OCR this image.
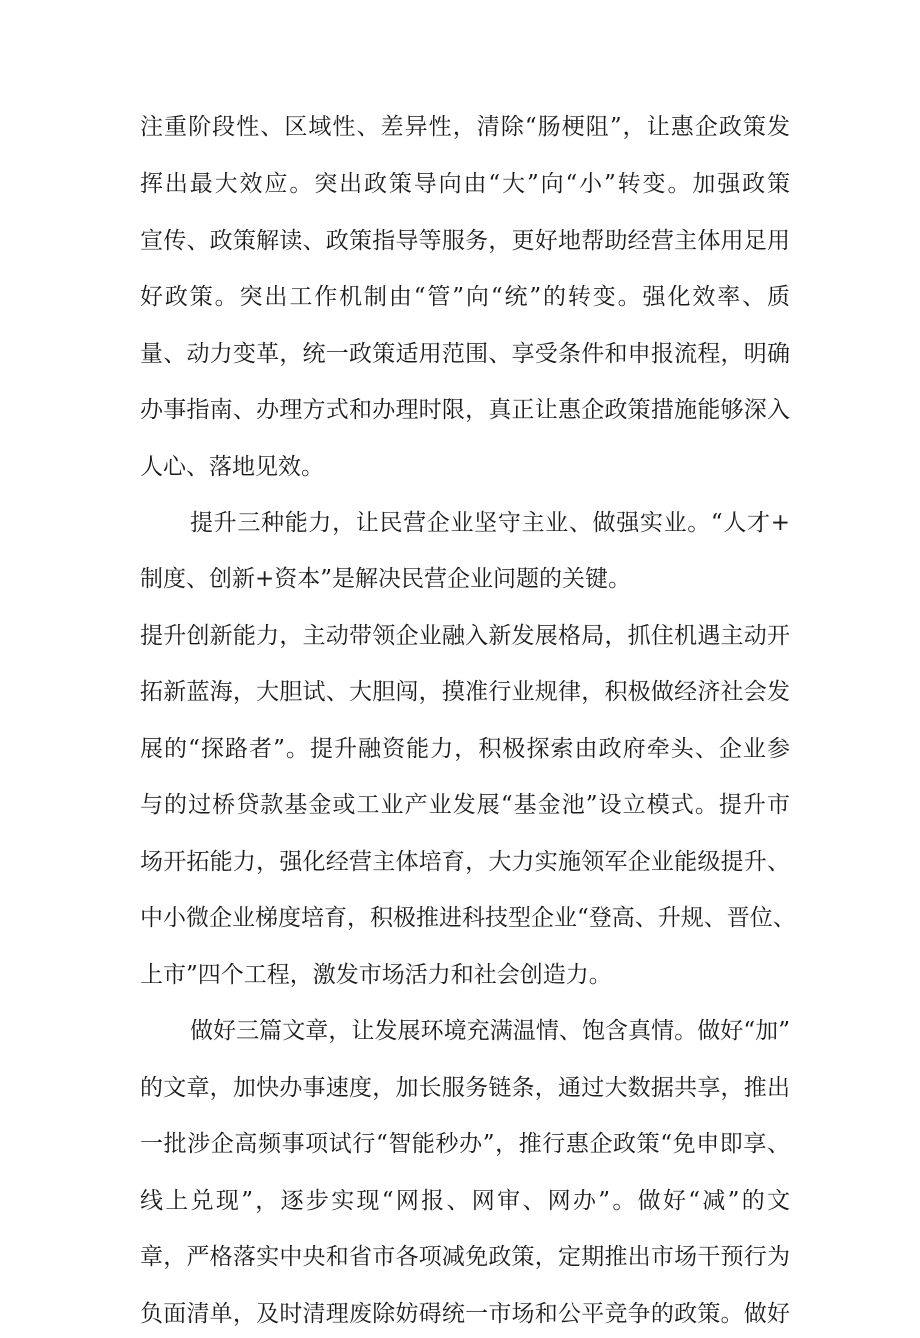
注重阶段性、区域性、差异性，清除“肠梗阻”，让惠企政策发
挥出最大效应。突出政策导向由“大”向“小”转变。加强政策
宣传、政策解读、政策指导等服务，更好地帮助经营主体用足用
好政策。突出工作机制由“管”向“统”的转变。强化效率、质
量、动力变革，统一政策适用范围、享受条件和申报流程，明确
办事指南、办理方式和办理时限，真正让惠企政策措施能够深入
人心、落地见效。
提升三种能力，让民营企业坚守主业、做强实业。“人才+
制度、创新+资本”是解决民营企业问题的关键。
提升创新能力，主动带领企业融入新发展格局，抓住机遇主动开
拓新蓝海，大胆试、大胆闯，摸准行业规律，积极做经济社会发
展的“探路者”。提升融资能力，积极探索由政府牵头、企业参
与的过桥贷款基金或工业产业发展“基金池”设立模式。提升市
场开拓能力，强化经营主体培育，大力实施领军企业能级提升、
中小微企业梯度培育，积极推进科技型企业“登高、升规、晋位、
上市”四个工程，激发市场活力和社会创造力。
做好三篇文章，让发展环境充满温情、饱含真情。做好“加”
的文章，加快办事速度，加长服务链条，通过大数据共享，推出
一批涉企高频事项试行“智能秒办”，推行惠企政策“免申即享、
线上兑现”，逐步实现“网报、网审、网办”。做好“减”的文
章，严格落实中央和省市各项减免政策，定期推出市场干预行为
负面清单，及时清理废除妨碍统一市场和公平竞争的政策。做好
